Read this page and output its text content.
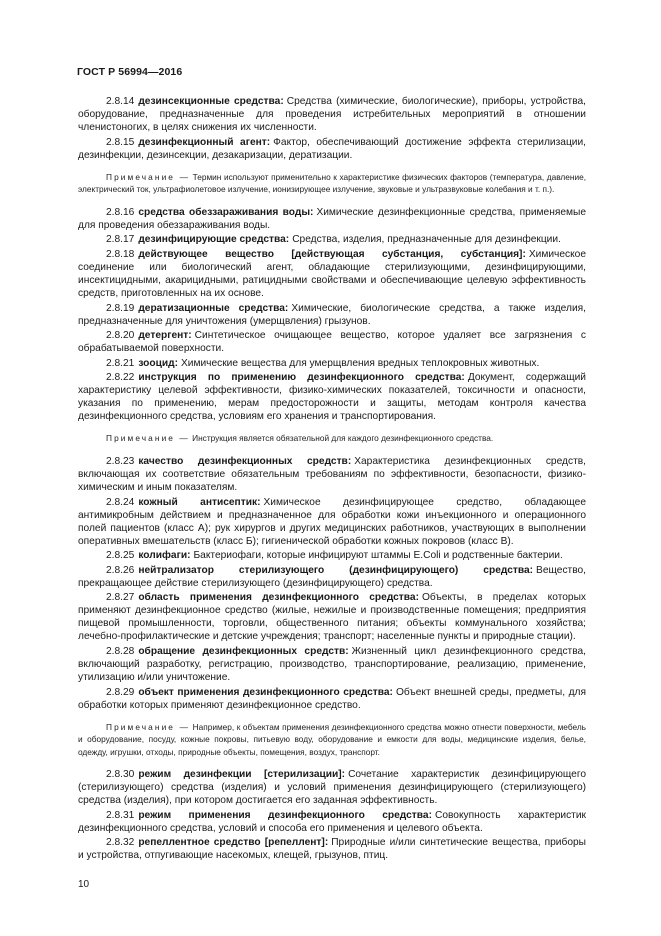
ГОСТ Р 56994—2016

2.8.14 дезинсекционные средства: Средства (химические, биологические), приборы, устройства, оборудование, предназначенные для проведения истребительных мероприятий в отношении членистоногих, в целях снижения их численности.

2.8.15 дезинфекционный агент: Фактор, обеспечивающий достижение эффекта стерилизации, дезинфекции, дезинсекции, дезакаризации, дератизации.

Примечание — Термин используют применительно к характеристике физических факторов (температура, давление, электрический ток, ультрафиолетовое излучение, ионизирующее излучение, звуковые и ультразвуковые колебания и т. п.).

2.8.16 средства обеззараживания воды: Химические дезинфекционные средства, применяемые для проведения обеззараживания воды.

2.8.17 дезинфицирующие средства: Средства, изделия, предназначенные для дезинфекции.

2.8.18 действующее вещество [действующая субстанция, субстанция]: Химическое соединение или биологический агент, обладающие стерилизующими, дезинфицирующими, инсектицидными, акарицидными, ратицидными свойствами и обеспечивающие целевую эффективность средств, приготовленных на их основе.

2.8.19 дератизационные средства: Химические, биологические средства, а также изделия, предназначенные для уничтожения (умерщвления) грызунов.

2.8.20 детергент: Синтетическое очищающее вещество, которое удаляет все загрязнения с обрабатываемой поверхности.

2.8.21 зооцид: Химические вещества для умерщвления вредных теплокровных животных.

2.8.22 инструкция по применению дезинфекционного средства: Документ, содержащий характеристику целевой эффективности, физико-химических показателей, токсичности и опасности, указания по применению, мерам предосторожности и защиты, методам контроля качества дезинфекционного средства, условиям его хранения и транспортирования.

Примечание — Инструкция является обязательной для каждого дезинфекционного средства.

2.8.23 качество дезинфекционных средств: Характеристика дезинфекционных средств, включающая их соответствие обязательным требованиям по эффективности, безопасности, физико-химическим и иным показателям.

2.8.24 кожный антисептик: Химическое дезинфицирующее средство, обладающее антимикробным действием и предназначенное для обработки кожи инъекционного и операционного полей пациентов (класс А); рук хирургов и других медицинских работников, участвующих в выполнении оперативных вмешательств (класс Б); гигиенической обработки кожных покровов (класс В).

2.8.25 колифаги: Бактериофаги, которые инфицируют штаммы E.Coli и родственные бактерии.

2.8.26 нейтрализатор стерилизующего (дезинфицирующего) средства: Вещество, прекращающее действие стерилизующего (дезинфицирующего) средства.

2.8.27 область применения дезинфекционного средства: Объекты, в пределах которых применяют дезинфекционное средство (жилые, нежилые и производственные помещения; предприятия пищевой промышленности, торговли, общественного питания; объекты коммунального хозяйства; лечебно-профилактические и детские учреждения; транспорт; населенные пункты и природные стации).

2.8.28 обращение дезинфекционных средств: Жизненный цикл дезинфекционного средства, включающий разработку, регистрацию, производство, транспортирование, реализацию, применение, утилизацию и/или уничтожение.

2.8.29 объект применения дезинфекционного средства: Объект внешней среды, предметы, для обработки которых применяют дезинфекционное средство.

Примечание — Например, к объектам применения дезинфекционного средства можно отнести поверхности, мебель и оборудование, посуду, кожные покровы, питьевую воду, оборудование и емкости для воды, медицинские изделия, белье, одежду, игрушки, отходы, природные объекты, помещения, воздух, транспорт.

2.8.30 режим дезинфекции [стерилизации]: Сочетание характеристик дезинфицирующего (стерилизующего) средства (изделия) и условий применения дезинфицирующего (стерилизующего) средства (изделия), при котором достигается его заданная эффективность.

2.8.31 режим применения дезинфекционного средства: Совокупность характеристик дезинфекционного средства, условий и способа его применения и целевого объекта.

2.8.32 репеллентное средство [репеллент]: Природные и/или синтетические вещества, приборы и устройства, отпугивающие насекомых, клещей, грызунов, птиц.

10
